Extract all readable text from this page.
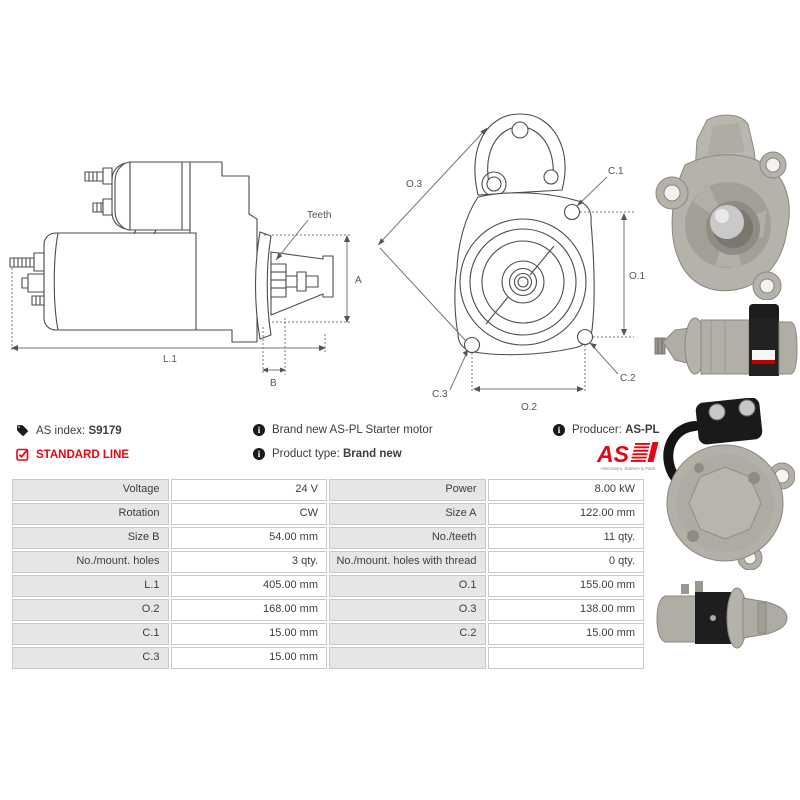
Teeth
A
L.1
B
O.3
C.1
O.1
C.2
C.3
O.2
AS index: S9179
STANDARD LINE
i	Brand new AS-PL Starter motor
i	Product type: Brand new
i	Producer: AS-PL
AS
Alternators, Starters & Parts
Voltage	24 V	Power	8.00 kW
Rotation	CW	Size A	122.00 mm
Size B	54.00 mm	No./teeth	11 qty.
No./mount. holes	3 qty.	No./mount. holes with thread	0 qty.
L.1	405.00 mm	O.1	155.00 mm
O.2	168.00 mm	O.3	138.00 mm
C.1	15.00 mm	C.2	15.00 mm
C.3	15.00 mm		
